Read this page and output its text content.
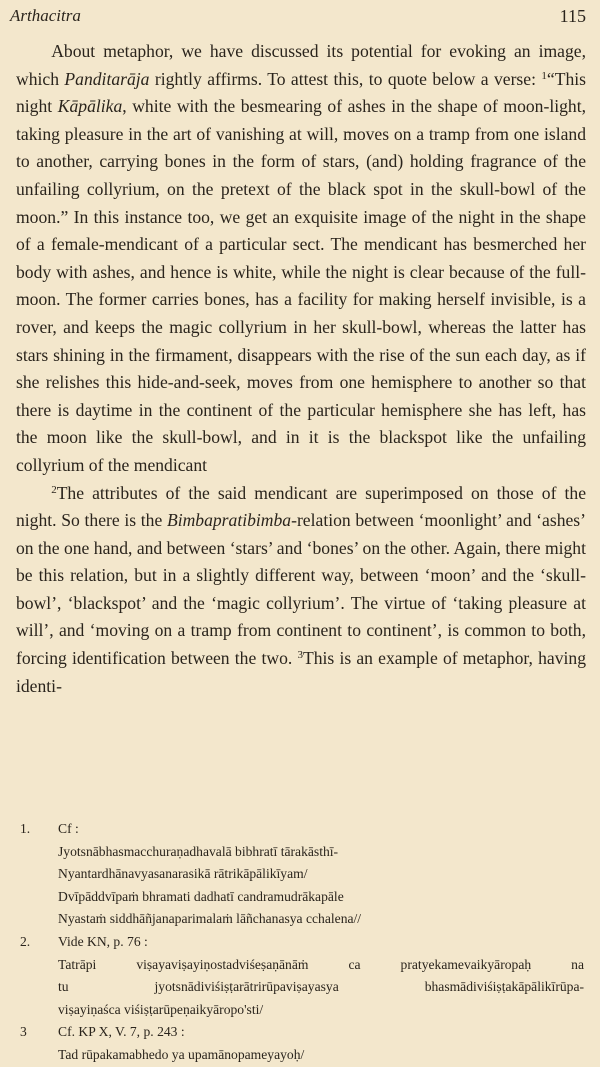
Arthacitra	115

About metaphor, we have discussed its potential for evoking an image, which Panditarāja rightly affirms. To attest this, to quote below a verse: $^1$“This night Kāpālika, white with the besmearing of ashes in the shape of moon-light, taking pleasure in the art of vanishing at will, moves on a tramp from one island to another, carrying bones in the form of stars, (and) holding fragrance of the unfailing collyrium, on the pretext of the black spot in the skull-bowl of the moon.” In this instance too, we get an exquisite image of the night in the shape of a female-mendicant of a particular sect. The mendicant has besmerched her body with ashes, and hence is white, while the night is clear because of the full-moon. The former carries bones, has a facility for making herself invisible, is a rover, and keeps the magic collyrium in her skull-bowl, whereas the latter has stars shining in the firmament, disappears with the rise of the sun each day, as if she relishes this hide-and-seek, moves from one hemisphere to another so that there is daytime in the continent of the particular hemisphere she has left, has the moon like the skull-bowl, and in it is the blackspot like the unfailing collyrium of the mendicant

$^2$The attributes of the said mendicant are superimposed on those of the night. So there is the Bimbapratibimba-relation between ‘moonlight’ and ‘ashes’ on the one hand, and between ‘stars’ and ‘bones’ on the other. Again, there might be this relation, but in a slightly different way, between ‘moon’ and the ‘skull-bowl’, ‘blackspot’ and the ‘magic collyrium’. The virtue of ‘taking pleasure at will’, and ‘moving on a tramp from continent to continent’, is common to both, forcing identification between the two. $^3$This is an example of metaphor, having identi-

1. Cf :
Jyotsnābhasmacchuraṇadhavalā bibhratī tārakāsthī-
Nyantardhānavyasanarasikā rātrikāpālikīyam/
Dvīpāddvīpaṁ bhramati dadhatī candramudrākapāle
Nyastaṁ siddhāñjanaparimalaṁ lāñchanasya cchalena//
2. Vide KN, p. 76 :
Tatrāpi viṣayaviṣayiṇostadviśeṣaṇānāṁ ca pratyekamevaikyāropaḥ na
tu jyotsnādiviśiṣṭarātrirūpaviṣayasya bhasmādiviśiṣṭakāpālikīrūpa-
viṣayiṇaśca viśiṣṭarūpeṇaikyāropo'sti/
3 Cf. KP X, V. 7, p. 243 :
Tad rūpakamabhedo ya upamānopameyayoḥ/
